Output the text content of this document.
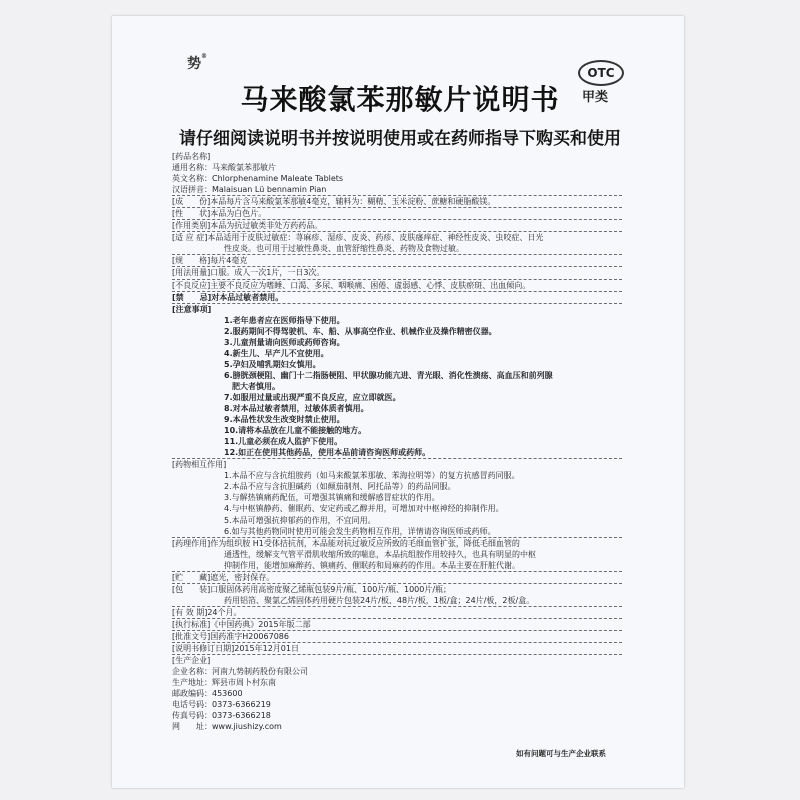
势®
马来酸氯苯那敏片说明书
OTC
甲类
请仔细阅读说明书并按说明使用或在药师指导下购买和使用
[药品名称]
通用名称：马来酸氯苯那敏片
英文名称：Chlorphenamine Maleate Tablets
汉语拼音：Malaisuan Lü bennamin Pian
[成　　份]本品每片含马来酸氯苯那敏4毫克，辅料为：糊精、玉米淀粉、蔗糖和硬脂酸镁。
[性　　状]本品为白色片。
[作用类别]本品为抗过敏类非处方药药品。
[适 应 症]本品适用于皮肤过敏症：荨麻疹、湿疹、皮炎、药疹、皮肤瘙痒症、神经性皮炎、虫咬症、日光
性皮炎。也可用于过敏性鼻炎、血管舒缩性鼻炎、药物及食物过敏。
[规　　格]每片4毫克
[用法用量]口服。成人一次1片，一日3次。
[不良反应]主要不良反应为嗜睡、口渴、多尿、咽喉痛、困倦、虚弱感、心悸、皮肤瘀斑、出血倾向。
[禁　　忌]对本品过敏者禁用。
[注意事项]
1.老年患者应在医师指导下使用。
2.服药期间不得驾驶机、车、船、从事高空作业、机械作业及操作精密仪器。
3.儿童剂量请向医师或药师咨询。
4.新生儿、早产儿不宜使用。
5.孕妇及哺乳期妇女慎用。
6.膀胱颈梗阻、幽门十二指肠梗阻、甲状腺功能亢进、青光眼、消化性溃疡、高血压和前列腺
肥大者慎用。
7.如服用过量或出现严重不良反应，应立即就医。
8.对本品过敏者禁用，过敏体质者慎用。
9.本品性状发生改变时禁止使用。
10.请将本品放在儿童不能接触的地方。
11.儿童必须在成人监护下使用。
12.如正在使用其他药品，使用本品前请咨询医师或药师。
[药物相互作用]
1.本品不应与含抗组胺药（如马来酸氯苯那敏、苯海拉明等）的复方抗感冒药同服。
2.本品不应与含抗胆碱药（如颠茄制剂、阿托品等）的药品同服。
3.与解热镇痛药配伍，可增强其镇痛和缓解感冒症状的作用。
4.与中枢镇静药、催眠药、安定药或乙醇并用，可增加对中枢神经的抑制作用。
5.本品可增强抗抑郁药的作用，不宜同用。
6.如与其他药物同时使用可能会发生药物相互作用，详情请咨询医师或药师。
[药理作用]作为组织胺 H1受体拮抗剂，本品能对抗过敏反应所致的毛细血管扩张，降低毛细血管的
通透性，缓解支气管平滑肌收缩所致的喘息，本品抗组胺作用较持久，也具有明显的中枢
抑制作用，能增加麻醉药、镇痛药、催眠药和局麻药的作用。本品主要在肝脏代谢。
[贮　　藏]遮光，密封保存。
[包　　装]口服固体药用高密度聚乙烯瓶包装9片/瓶、100片/瓶、1000片/瓶；
药用铝箔、聚氯乙烯固体药用硬片包装24片/板、48片/板，1板/盒；24片/板，2板/盒。
[有 效 期]24个月。
[执行标准]《中国药典》2015年版二部
[批准文号]国药准字H20067086
[说明书修订日期]2015年12月01日
[生产企业]
企业名称：河南九势制药股份有限公司
生产地址：辉县市周卜村东南
邮政编码：453600
电话号码：0373-6366219
传真号码：0373-6366218
网　　址：www.jiushizy.com
如有问题可与生产企业联系
